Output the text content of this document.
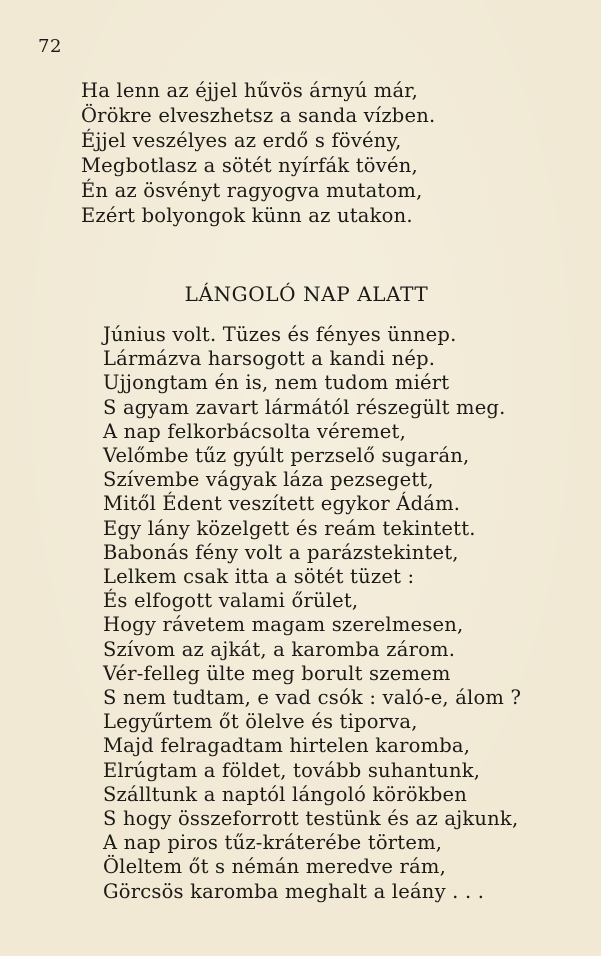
72
Ha lenn az éjjel hűvös árnyú már,
Örökre elveszhetsz a sanda vízben.
Éjjel veszélyes az erdő s fövény,
Megbotlasz a sötét nyírfák tövén,
Én az ösvényt ragyogva mutatom,
Ezért bolyongok künn az utakon.
LÁNGOLÓ NAP ALATT
Június volt. Tüzes és fényes ünnep.
Lármázva harsogott a kandi nép.
Ujjongtam én is, nem tudom miért
S agyam zavart lármától részegült meg.
A nap felkorbácsolta véremet,
Velőmbe tűz gyúlt perzselő sugarán,
Szívembe vágyak láza pezsegett,
Mitől Édent veszített egykor Ádám.
Egy lány közelgett és reám tekintett.
Babonás fény volt a parázstekintet,
Lelkem csak itta a sötét tüzet :
És elfogott valami őrület,
Hogy rávetem magam szerelmesen,
Szívom az ajkát, a karomba zárom.
Vér-felleg ülte meg borult szemem
S nem tudtam, e vad csók : való-e, álom ?
Legyűrtem őt ölelve és tiporva,
Majd felragadtam hirtelen karomba,
Elrúgtam a földet, tovább suhantunk,
Szálltunk a naptól lángoló körökben
S hogy összeforrott testünk és az ajkunk,
A nap piros tűz-kráterébe törtem,
Öleltem őt s némán meredve rám,
Görcsös karomba meghalt a leány . . .
